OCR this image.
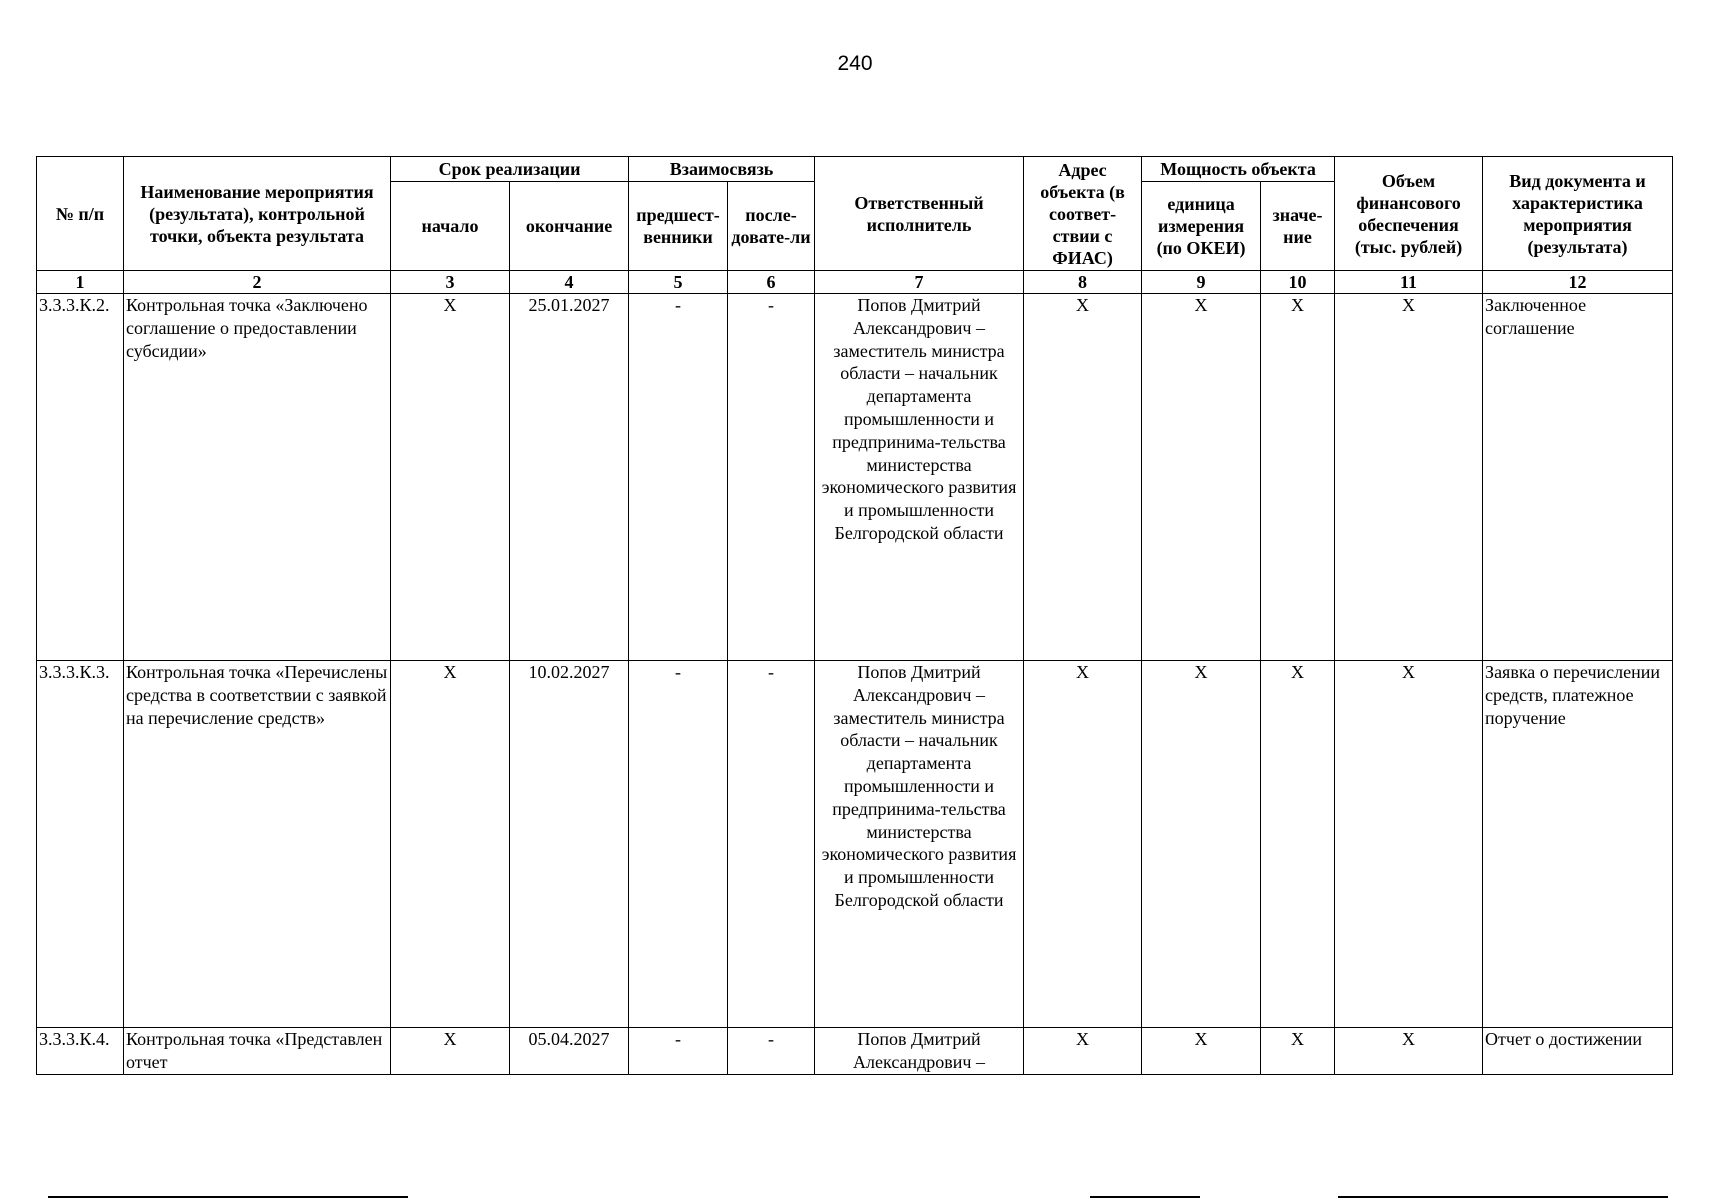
240
№ п/п	Наименование мероприятия (результата), контрольной точки, объекта результата	Срок реализации		Взаимосвязь		Ответственный исполнитель	Адрес объекта (в соответ-ствии с ФИАС)	Мощность объекта		Объем финансового обеспечения (тыс. рублей)	Вид документа и характеристика мероприятия (результата)
		начало	окончание	предшест-венники	после-довате-ли			единица измерения (по ОКЕИ)	значе-ние		
1	2	3	4	5	6	7	8	9	10	11	12
3.3.3.К.2.	Контрольная точка «Заключено соглашение о предоставлении субсидии»	X	25.01.2027	-	-	Попов Дмитрий Александрович – заместитель министра области – начальник департамента промышленности и предпринима-тельства министерства экономического развития и промышленности Белгородской области	X	X	X	X	Заключенное соглашение
3.3.3.К.3.	Контрольная точка «Перечислены средства в соответствии с заявкой на перечисление средств»	X	10.02.2027	-	-	Попов Дмитрий Александрович – заместитель министра области – начальник департамента промышленности и предпринима-тельства министерства экономического развития и промышленности Белгородской области	X	X	X	X	Заявка о перечислении средств, платежное поручение
3.3.3.К.4.	Контрольная точка «Представлен отчет	X	05.04.2027	-	-	Попов Дмитрий Александрович –	X	X	X	X	Отчет о достижении
